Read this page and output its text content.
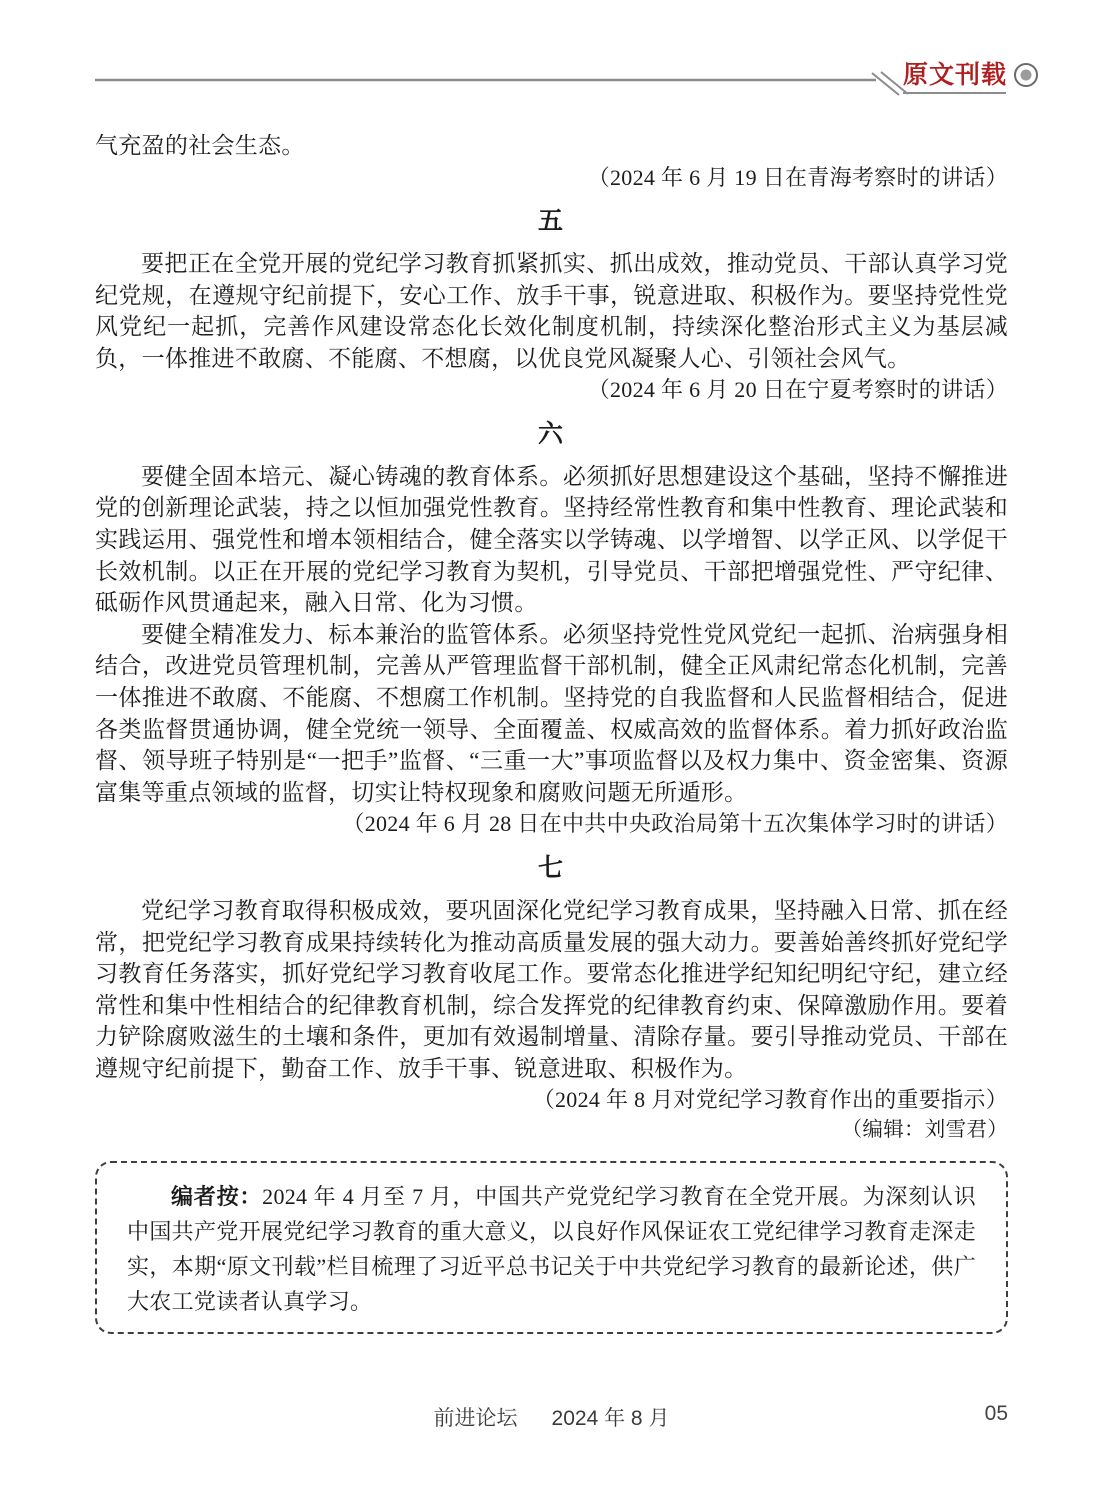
原文刊载

气充盈的社会生态。

（2024 年 6 月 19 日在青海考察时的讲话）

五

要把正在全党开展的党纪学习教育抓紧抓实、抓出成效，推动党员、干部认真学习党纪党规，在遵规守纪前提下，安心工作、放手干事，锐意进取、积极作为。要坚持党性党风党纪一起抓，完善作风建设常态化长效化制度机制，持续深化整治形式主义为基层减负，一体推进不敢腐、不能腐、不想腐，以优良党风凝聚人心、引领社会风气。

（2024 年 6 月 20 日在宁夏考察时的讲话）

六

要健全固本培元、凝心铸魂的教育体系。必须抓好思想建设这个基础，坚持不懈推进党的创新理论武装，持之以恒加强党性教育。坚持经常性教育和集中性教育、理论武装和实践运用、强党性和增本领相结合，健全落实以学铸魂、以学增智、以学正风、以学促干长效机制。以正在开展的党纪学习教育为契机，引导党员、干部把增强党性、严守纪律、砥砺作风贯通起来，融入日常、化为习惯。

要健全精准发力、标本兼治的监管体系。必须坚持党性党风党纪一起抓、治病强身相结合，改进党员管理机制，完善从严管理监督干部机制，健全正风肃纪常态化机制，完善一体推进不敢腐、不能腐、不想腐工作机制。坚持党的自我监督和人民监督相结合，促进各类监督贯通协调，健全党统一领导、全面覆盖、权威高效的监督体系。着力抓好政治监督、领导班子特别是“一把手”监督、“三重一大”事项监督以及权力集中、资金密集、资源富集等重点领域的监督，切实让特权现象和腐败问题无所遁形。

（2024 年 6 月 28 日在中共中央政治局第十五次集体学习时的讲话）

七

党纪学习教育取得积极成效，要巩固深化党纪学习教育成果，坚持融入日常、抓在经常，把党纪学习教育成果持续转化为推动高质量发展的强大动力。要善始善终抓好党纪学习教育任务落实，抓好党纪学习教育收尾工作。要常态化推进学纪知纪明纪守纪，建立经常性和集中性相结合的纪律教育机制，综合发挥党的纪律教育约束、保障激励作用。要着力铲除腐败滋生的土壤和条件，更加有效遏制增量、清除存量。要引导推动党员、干部在遵规守纪前提下，勤奋工作、放手干事、锐意进取、积极作为。

（2024 年 8 月对党纪学习教育作出的重要指示）

（编辑：刘雪君）

编者按：2024 年 4 月至 7 月，中国共产党党纪学习教育在全党开展。为深刻认识中国共产党开展党纪学习教育的重大意义，以良好作风保证农工党纪律学习教育走深走实，本期“原文刊载”栏目梳理了习近平总书记关于中共党纪学习教育的最新论述，供广大农工党读者认真学习。

前进论坛 2024 年 8 月	05
